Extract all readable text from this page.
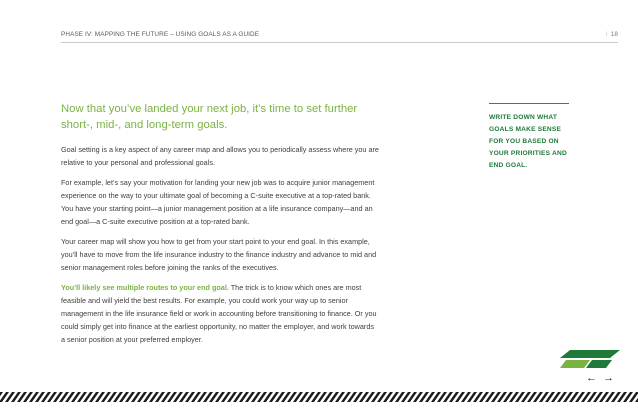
PHASE IV: MAPPING THE FUTURE – USING GOALS AS A GUIDE	/ 18
Now that you’ve landed your next job, it’s time to set further short-, mid-, and long-term goals.

Goal setting is a key aspect of any career map and allows you to periodically assess where you are relative to your personal and professional goals.

For example, let’s say your motivation for landing your new job was to acquire junior management experience on the way to your ultimate goal of becoming a C-suite executive at a top-rated bank. You have your starting point—a junior management position at a life insurance company—and an end goal—a C-suite executive position at a top-rated bank.

Your career map will show you how to get from your start point to your end goal. In this example, you’ll have to move from the life insurance industry to the finance industry and advance to mid and senior management roles before joining the ranks of the executives.

You’ll likely see multiple routes to your end goal. The trick is to know which ones are most feasible and will yield the best results. For example, you could work your way up to senior management in the life insurance field or work in accounting before transitioning to finance. Or you could simply get into finance at the earliest opportunity, no matter the employer, and work towards a senior position at your preferred employer.

WRITE DOWN WHAT GOALS MAKE SENSE FOR YOU BASED ON YOUR PRIORITIES AND END GOAL.
← →
